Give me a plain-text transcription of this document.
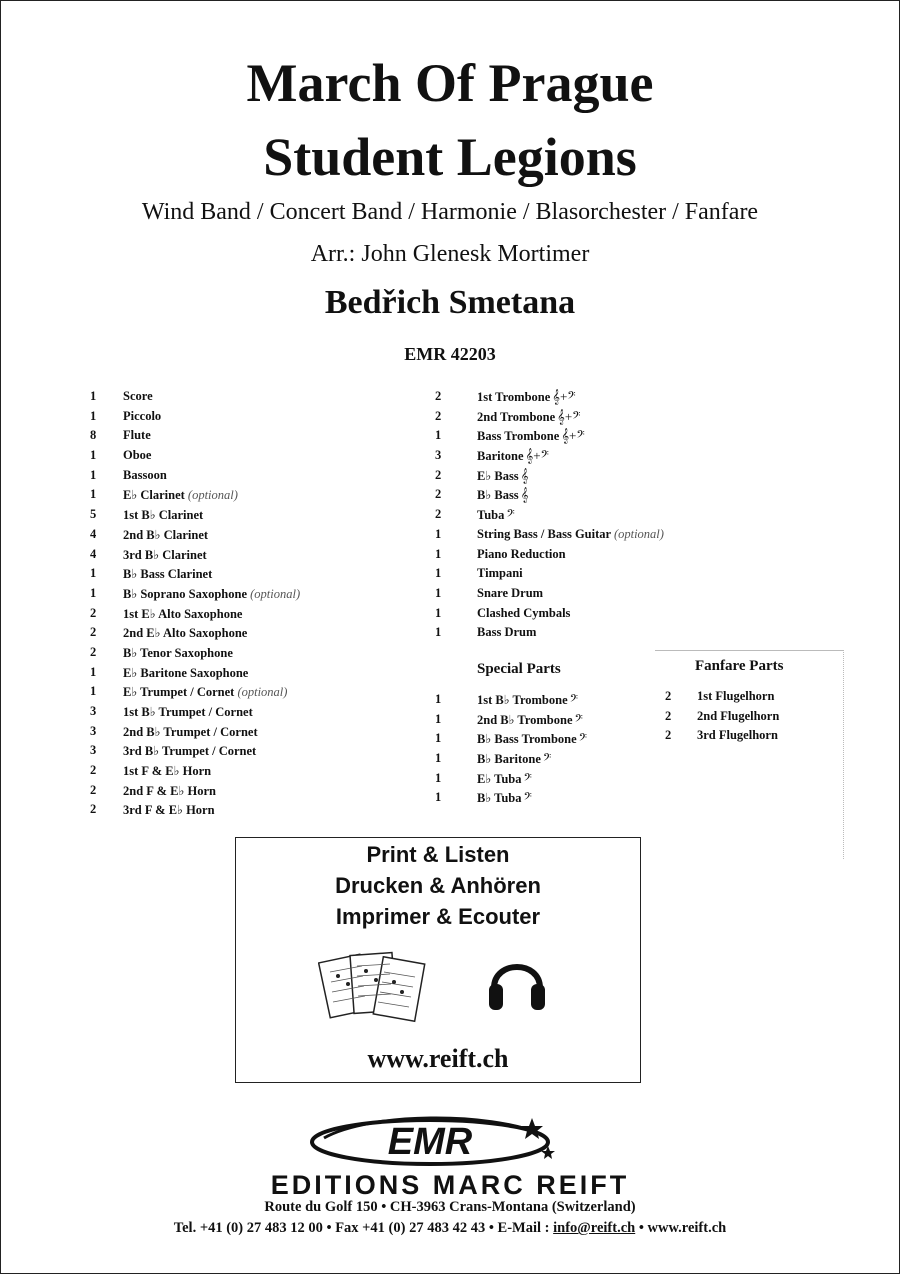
March Of Prague
Student Legions
Wind Band / Concert Band / Harmonie / Blasorchester / Fanfare
Arr.: John Glenesk Mortimer
Bedřich Smetana
EMR 42203
1 Score
1 Piccolo
8 Flute
1 Oboe
1 Bassoon
1 E♭ Clarinet (optional)
5 1st B♭ Clarinet
4 2nd B♭ Clarinet
4 3rd B♭ Clarinet
1 B♭ Bass Clarinet
1 B♭ Soprano Saxophone (optional)
2 1st E♭ Alto Saxophone
2 2nd E♭ Alto Saxophone
2 B♭ Tenor Saxophone
1 E♭ Baritone Saxophone
1 E♭ Trumpet / Cornet (optional)
3 1st B♭ Trumpet / Cornet
3 2nd B♭ Trumpet / Cornet
3 3rd B♭ Trumpet / Cornet
2 1st F & E♭ Horn
2 2nd F & E♭ Horn
2 3rd F & E♭ Horn
2	1st Trombone 𝄞+𝄢
2	2nd Trombone 𝄞+𝄢
1	Bass Trombone 𝄞+𝄢
3	Baritone 𝄞+𝄢
2	E♭ Bass 𝄞
2	B♭ Bass 𝄞
2	Tuba 𝄢
1	String Bass / Bass Guitar (optional)
1	Piano Reduction
1	Timpani
1	Snare Drum
1	Clashed Cymbals
1	Bass Drum
Special Parts
1	1st B♭ Trombone 𝄢
1	2nd B♭ Trombone 𝄢
1	B♭ Bass Trombone 𝄢
1	B♭ Baritone 𝄢
1	E♭ Tuba 𝄢
1	B♭ Tuba 𝄢
Fanfare Parts
2 1st Flugelhorn
2 2nd Flugelhorn
2 3rd Flugelhorn
Print & Listen
Drucken & Anhören
Imprimer & Ecouter
www.reift.ch
EMR
EDITIONS MARC REIFT
Route du Golf 150 • CH-3963 Crans-Montana (Switzerland)
Tel. +41 (0) 27 483 12 00 • Fax +41 (0) 27 483 42 43 • E-Mail : info@reift.ch • www.reift.ch
